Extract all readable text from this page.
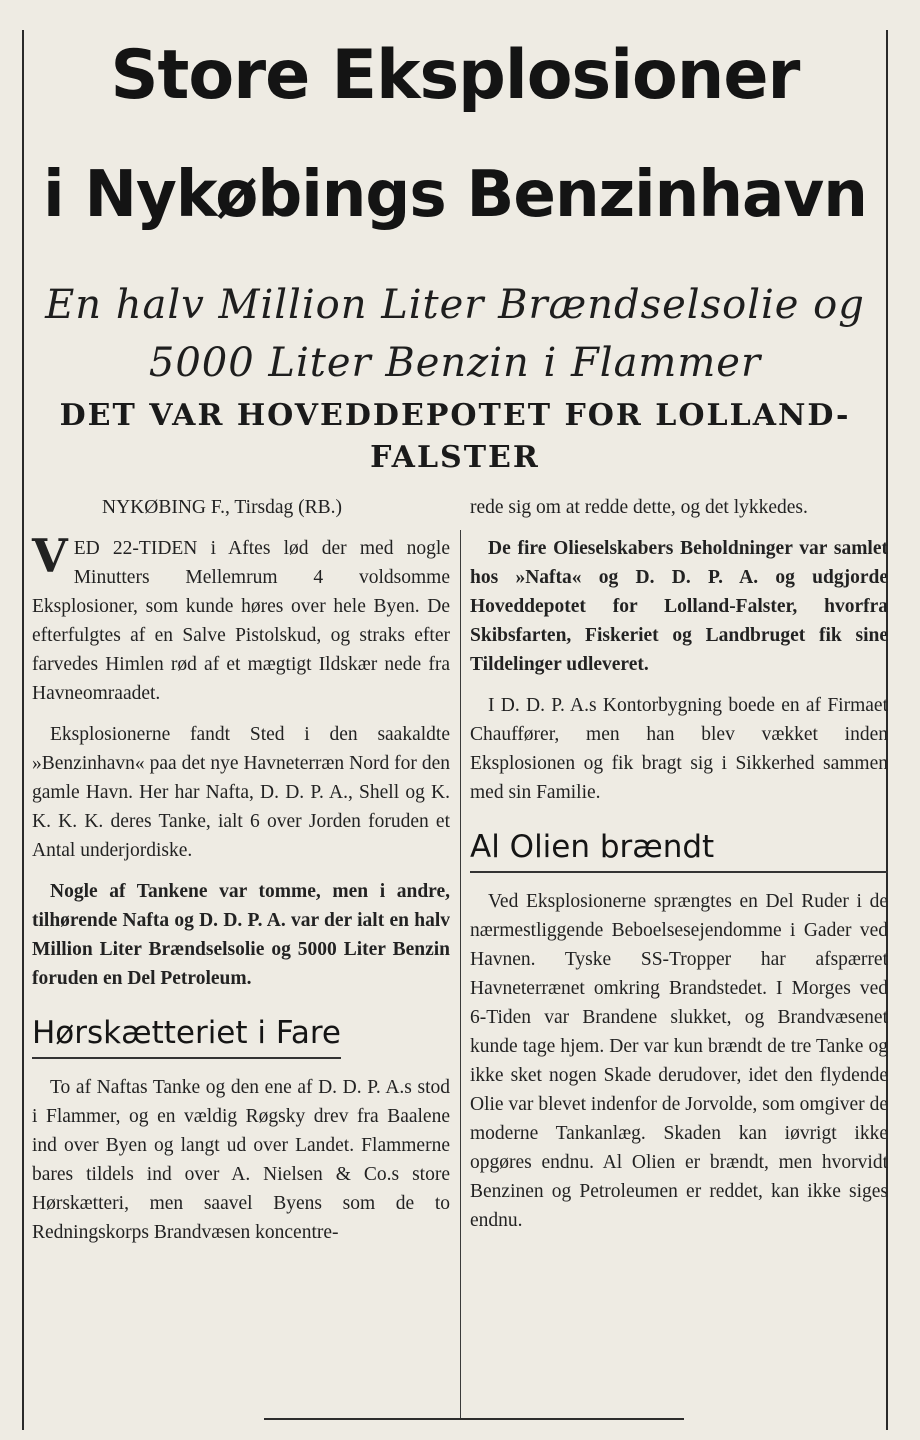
Store Eksplosioner
i Nykøbings Benzinhavn
En halv Million Liter Brændselsolie og
5000 Liter Benzin i Flammer
DET VAR HOVEDDEPOTET FOR LOLLAND-
FALSTER

NYKØBING F., Tirsdag (RB.)

VED 22-TIDEN i Aftes lød der med nogle Minutters Mellemrum 4 voldsomme Eksplosioner, som kunde høres over hele Byen. De efterfulgtes af en Salve Pistolskud, og straks efter farvedes Himlen rød af et mægtigt Ildskær nede fra Havneomraadet.

Eksplosionerne fandt Sted i den saakaldte »Benzinhavn« paa det nye Havneterræn Nord for den gamle Havn. Her har Nafta, D. D. P. A., Shell og K. K. K. K. deres Tanke, ialt 6 over Jorden foruden et Antal underjordiske.

Nogle af Tankene var tomme, men i andre, tilhørende Nafta og D. D. P. A. var der ialt en halv Million Liter Brændselsolie og 5000 Liter Benzin foruden en Del Petroleum.

Hørskætteriet i Fare

To af Naftas Tanke og den ene af D. D. P. A.s stod i Flammer, og en vældig Røgsky drev fra Baalene ind over Byen og langt ud over Landet. Flammerne bares tildels ind over A. Nielsen & Co.s store Hørskætteri, men saavel Byens som de to Redningskorps Brandvæsen koncentre-

rede sig om at redde dette, og det lykkedes.

De fire Olieselskabers Beholdninger var samlet hos »Nafta« og D. D. P. A. og udgjorde Hoveddepotet for Lolland-Falster, hvorfra Skibsfarten, Fiskeriet og Landbruget fik sine Tildelinger udleveret.

I D. D. P. A.s Kontorbygning boede en af Firmaet Chauffører, men han blev vækket inden Eksplosionen og fik bragt sig i Sikkerhed sammen med sin Familie.

Al Olien brændt

Ved Eksplosionerne sprængtes en Del Ruder i de nærmestliggende Beboelsesejendomme i Gader ved Havnen. Tyske SS-Tropper har afspærret Havneterrænet omkring Brandstedet. I Morges ved 6-Tiden var Brandene slukket, og Brandvæsenet kunde tage hjem. Der var kun brændt de tre Tanke og ikke sket nogen Skade derudover, idet den flydende Olie var blevet indenfor de Jorvolde, som omgiver de moderne Tankanlæg. Skaden kan iøvrigt ikke opgøres endnu. Al Olien er brændt, men hvorvidt Benzinen og Petroleumen er reddet, kan ikke siges endnu.
